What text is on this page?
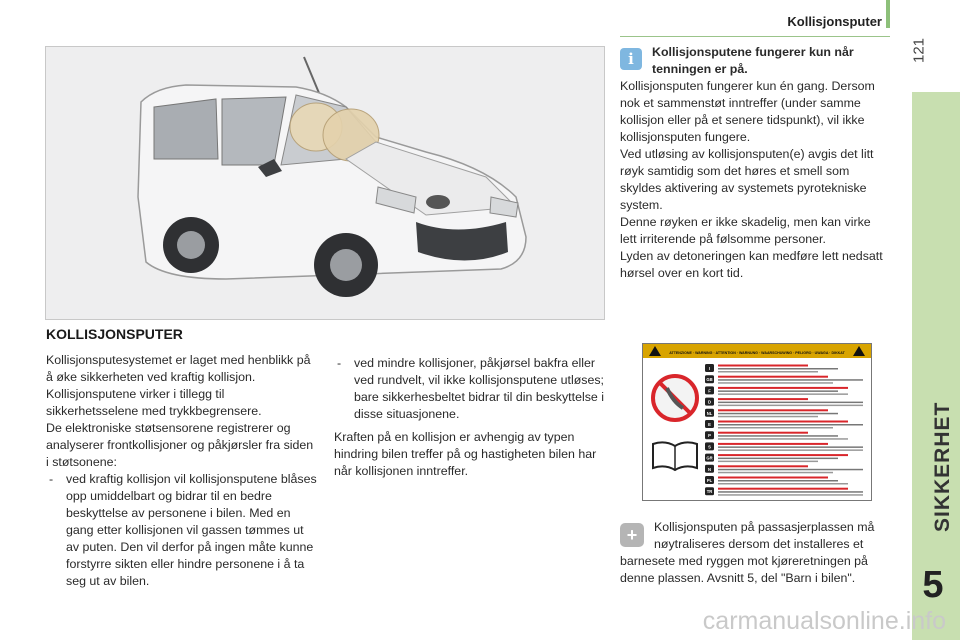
Kollisjonsputer
121
SIKKERHET
5
KOLLISJONSPUTER
Kollisjonsputesystemet er laget med henblikk på å øke sikkerheten ved kraftig kollisjon. Kollisjonsputene virker i tillegg til sikkerhetsselene med trykkbegrensere.
De elektroniske støtsensorene registrerer og analyserer frontkollisjoner og påkjørsler fra siden i støtsonene:
- ved kraftig kollisjon vil kollisjonsputene blåses opp umiddelbart og bidrar til en bedre beskyttelse av personene i bilen. Med en gang etter kollisjonen vil gassen tømmes ut av puten. Den vil derfor på ingen måte kunne forstyrre sikten eller hindre personene i å ta seg ut av bilen.
- ved mindre kollisjoner, påkjørsel bakfra eller ved rundvelt, vil ikke kollisjonsputene utløses; bare sikkerhesbeltet bidrar til din beskyttelse i disse situasjonene.
Kraften på en kollisjon er avhengig av typen hindring bilen treffer på og hastigheten bilen har når kollisjonen inntreffer.
i Kollisjonsputene fungerer kun når tenningen er på.
Kollisjonsputen fungerer kun én gang. Dersom nok et sammenstøt inntreffer (under samme kollisjon eller på et senere tidspunkt), vil ikke kollisjonsputen fungere.
Ved utløsing av kollisjonsputen(e) avgis det litt røyk samtidig som det høres et smell som skyldes aktivering av systemets pyrotekniske system.
Denne røyken er ikke skadelig, men kan virke lett irriterende på følsomme personer.
Lyden av detoneringen kan medføre lett nedsatt hørsel over en kort tid.
ATTENZIONE · WARNING · ATTENTION · WARNUNG · WAARSCHUWING · PELIGRO · UWAGA · DIKKAT
I
GB
F
D
NL
E
P
S
GR
N
PL
TR
+ Kollisjonsputen på passasjerplassen må nøytraliseres dersom det installeres et
barnesete med ryggen mot kjøreretningen på denne plassen. Avsnitt 5, del "Barn i bilen".
carmanualsonline.info
